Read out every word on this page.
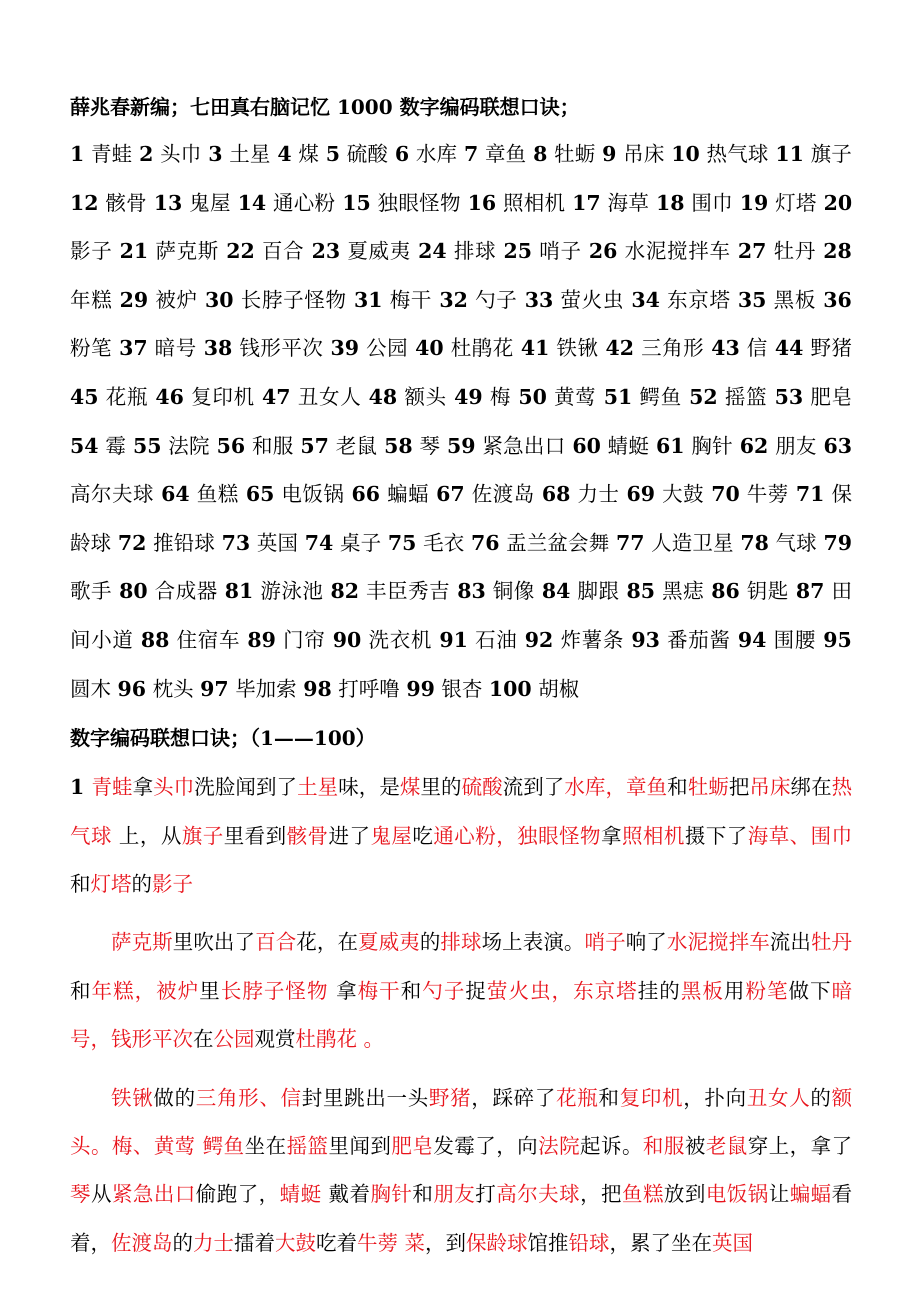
薛兆春新编；七田真右脑记忆 1000 数字编码联想口诀；

1 青蛙 2 头巾 3 土星 4 煤 5 硫酸 6 水库 7 章鱼 8 牡蛎 9 吊床 10 热气球 11 旗子 12 骸骨 13 鬼屋 14 通心粉 15 独眼怪物 16 照相机 17 海草 18 围巾 19 灯塔 20 影子 21 萨克斯 22 百合 23 夏威夷 24 排球 25 哨子 26 水泥搅拌车 27 牡丹 28 年糕 29 被炉 30 长脖子怪物 31 梅干 32 勺子 33 萤火虫 34 东京塔 35 黑板 36 粉笔 37 暗号 38 钱形平次 39 公园 40 杜鹃花 41 铁锹 42 三角形 43 信 44 野猪 45 花瓶 46 复印机 47 丑女人 48 额头 49 梅 50 黄莺 51 鳄鱼 52 摇篮 53 肥皂 54 霉 55 法院 56 和服 57 老鼠 58 琴 59 紧急出口 60 蜻蜓 61 胸针 62 朋友 63 高尔夫球 64 鱼糕 65 电饭锅 66 蝙蝠 67 佐渡岛 68 力士 69 大鼓 70 牛蒡 71 保龄球 72 推铅球 73 英国 74 桌子 75 毛衣 76 盂兰盆会舞 77 人造卫星 78 气球 79 歌手 80 合成器 81 游泳池 82 丰臣秀吉 83 铜像 84 脚跟 85 黑痣 86 钥匙 87 田间小道 88 住宿车 89 门帘 90 洗衣机 91 石油 92 炸薯条 93 番茄酱 94 围腰 95 圆木 96 枕头 97 毕加索 98 打呼噜 99 银杏 100 胡椒

数字编码联想口诀；（1——100）

1 青蛙拿头巾洗脸闻到了土星味，是煤里的硫酸流到了水库，章鱼和牡蛎把吊床绑在热气球 上，从旗子里看到骸骨进了鬼屋吃通心粉，独眼怪物拿照相机摄下了海草、围巾和灯塔的影子

萨克斯里吹出了百合花，在夏威夷的排球场上表演。哨子响了水泥搅拌车流出牡丹和年糕，被炉里长脖子怪物 拿梅干和勺子捉萤火虫，东京塔挂的黑板用粉笔做下暗号，钱形平次在公园观赏杜鹃花 。

铁锹做的三角形、信封里跳出一头野猪，踩碎了花瓶和复印机，扑向丑女人的额头。梅、黄莺 鳄鱼坐在摇篮里闻到肥皂发霉了，向法院起诉。和服被老鼠穿上，拿了琴从紧急出口偷跑了，蜻蜓 戴着胸针和朋友打高尔夫球，把鱼糕放到电饭锅让蝙蝠看着，佐渡岛的力士擂着大鼓吃着牛蒡 菜，到保龄球馆推铅球，累了坐在英国
